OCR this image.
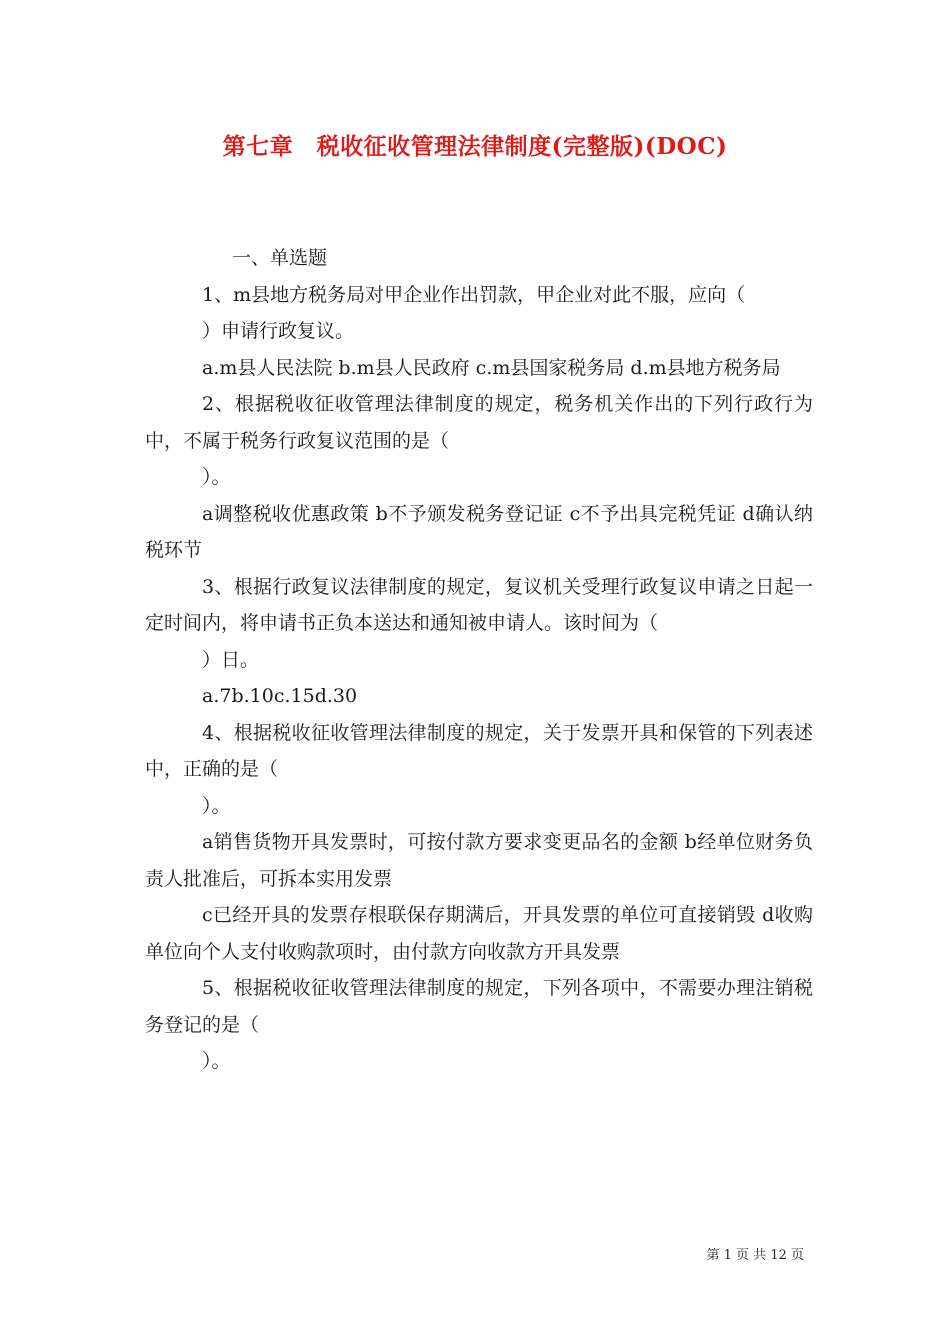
第七章　税收征收管理法律制度(完整版)(DOC)

一、单选题

1、m县地方税务局对甲企业作出罚款，甲企业对此不服，应向（

）申请行政复议。

a.m县人民法院 b.m县人民政府 c.m县国家税务局 d.m县地方税务局

2、根据税收征收管理法律制度的规定，税务机关作出的下列行政行为中，不属于税务行政复议范围的是（

）。

a调整税收优惠政策 b不予颁发税务登记证 c不予出具完税凭证 d确认纳税环节

3、根据行政复议法律制度的规定，复议机关受理行政复议申请之日起一定时间内，将申请书正负本送达和通知被申请人。该时间为（

）日。

a.7b.10c.15d.30

4、根据税收征收管理法律制度的规定，关于发票开具和保管的下列表述中，正确的是（

）。

a销售货物开具发票时，可按付款方要求变更品名的金额 b经单位财务负责人批准后，可拆本实用发票

c已经开具的发票存根联保存期满后，开具发票的单位可直接销毁 d收购单位向个人支付收购款项时，由付款方向收款方开具发票

5、根据税收征收管理法律制度的规定，下列各项中，不需要办理注销税务登记的是（

）。

第 1 页 共 12 页
